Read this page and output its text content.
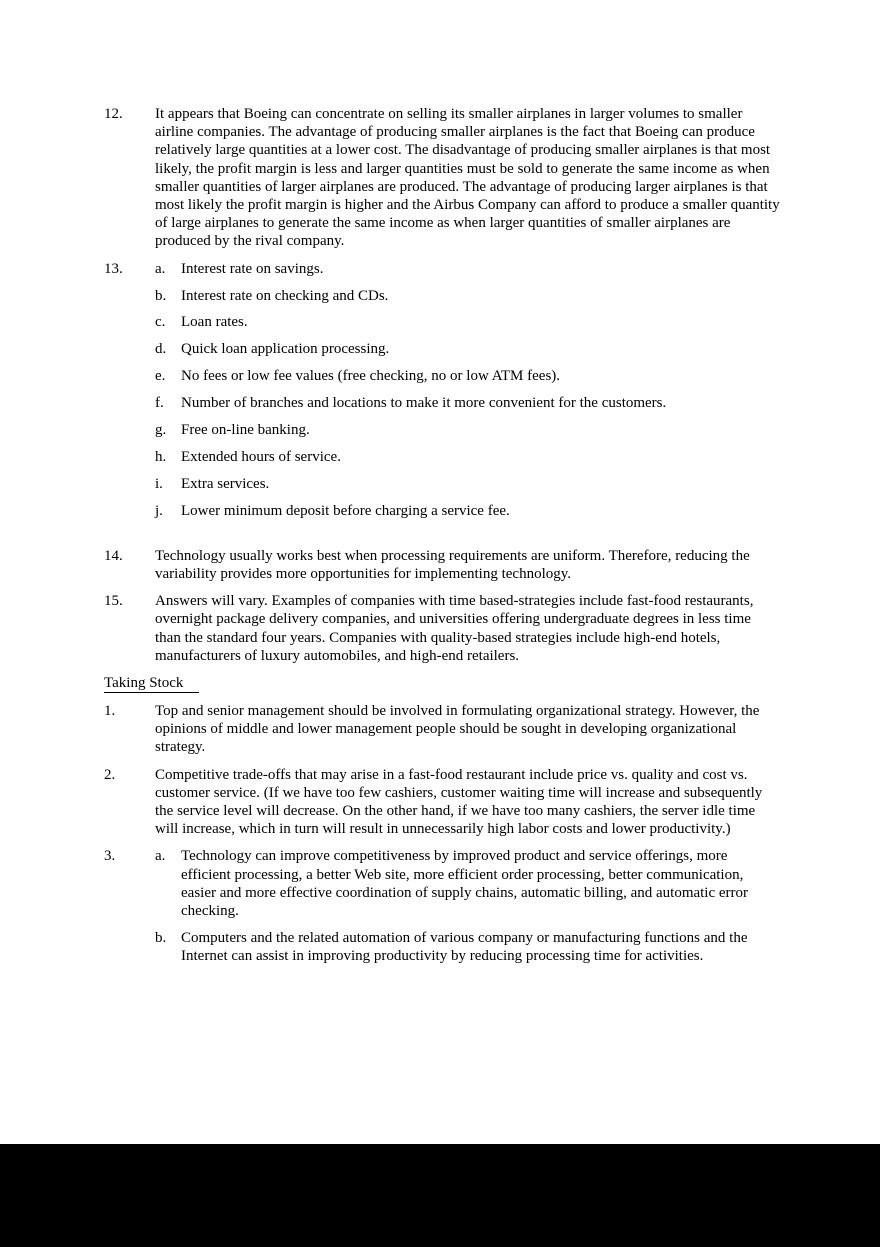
12. It appears that Boeing can concentrate on selling its smaller airplanes in larger volumes to smaller airline companies. The advantage of producing smaller airplanes is the fact that Boeing can produce relatively large quantities at a lower cost. The disadvantage of producing smaller airplanes is that most likely, the profit margin is less and larger quantities must be sold to generate the same income as when smaller quantities of larger airplanes are produced. The advantage of producing larger airplanes is that most likely the profit margin is higher and the Airbus Company can afford to produce a smaller quantity of large airplanes to generate the same income as when larger quantities of smaller airplanes are produced by the rival company.
13. a. Interest rate on savings.
b. Interest rate on checking and CDs.
c. Loan rates.
d. Quick loan application processing.
e. No fees or low fee values (free checking, no or low ATM fees).
f. Number of branches and locations to make it more convenient for the customers.
g. Free on-line banking.
h. Extended hours of service.
i. Extra services.
j. Lower minimum deposit before charging a service fee.
14. Technology usually works best when processing requirements are uniform. Therefore, reducing the variability provides more opportunities for implementing technology.
15. Answers will vary. Examples of companies with time based-strategies include fast-food restaurants, overnight package delivery companies, and universities offering undergraduate degrees in less time than the standard four years. Companies with quality-based strategies include high-end hotels, manufacturers of luxury automobiles, and high-end retailers.
Taking Stock
1.	Top and senior management should be involved in formulating organizational strategy. However, the opinions of middle and lower management people should be sought in developing organizational strategy.
2.	Competitive trade-offs that may arise in a fast-food restaurant include price vs. quality and cost vs. customer service. (If we have too few cashiers, customer waiting time will increase and subsequently the service level will decrease. On the other hand, if we have too many cashiers, the server idle time will increase, which in turn will result in unnecessarily high labor costs and lower productivity.)
3.	a. Technology can improve competitiveness by improved product and service offerings, more efficient processing, a better Web site, more efficient order processing, better communication, easier and more effective coordination of supply chains, automatic billing, and automatic error checking.
b. Computers and the related automation of various company or manufacturing functions and the Internet can assist in improving productivity by reducing processing time for activities.
